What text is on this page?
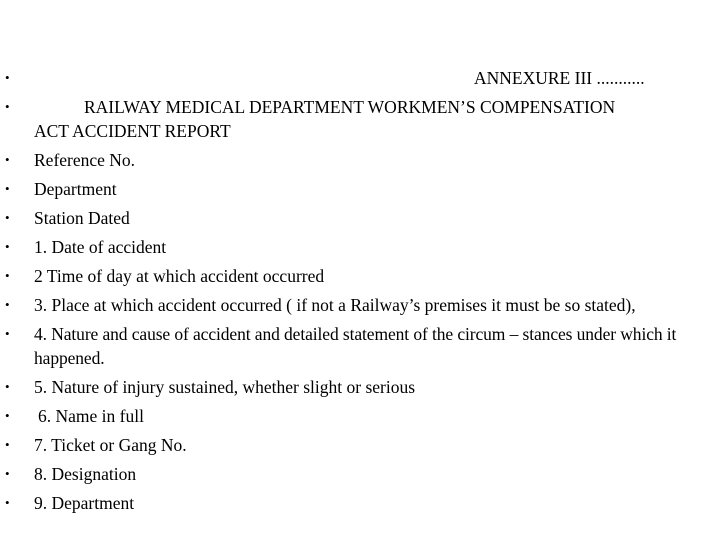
•	ANNEXURE III ...........
•	RAILWAY MEDICAL DEPARTMENT WORKMEN’S COMPENSATION
ACT ACCIDENT REPORT
• Reference No.
• Department
• Station Dated
• 1. Date of accident
• 2 Time of day at which accident occurred
• 3. Place at which accident occurred ( if not a Railway’s premises it must be so stated),
• 4. Nature and cause of accident and detailed statement of the circum – stances under which it happened.
• 5. Nature of injury sustained, whether slight or serious
• 6. Name in full
• 7. Ticket or Gang No.
• 8. Designation
• 9. Department
